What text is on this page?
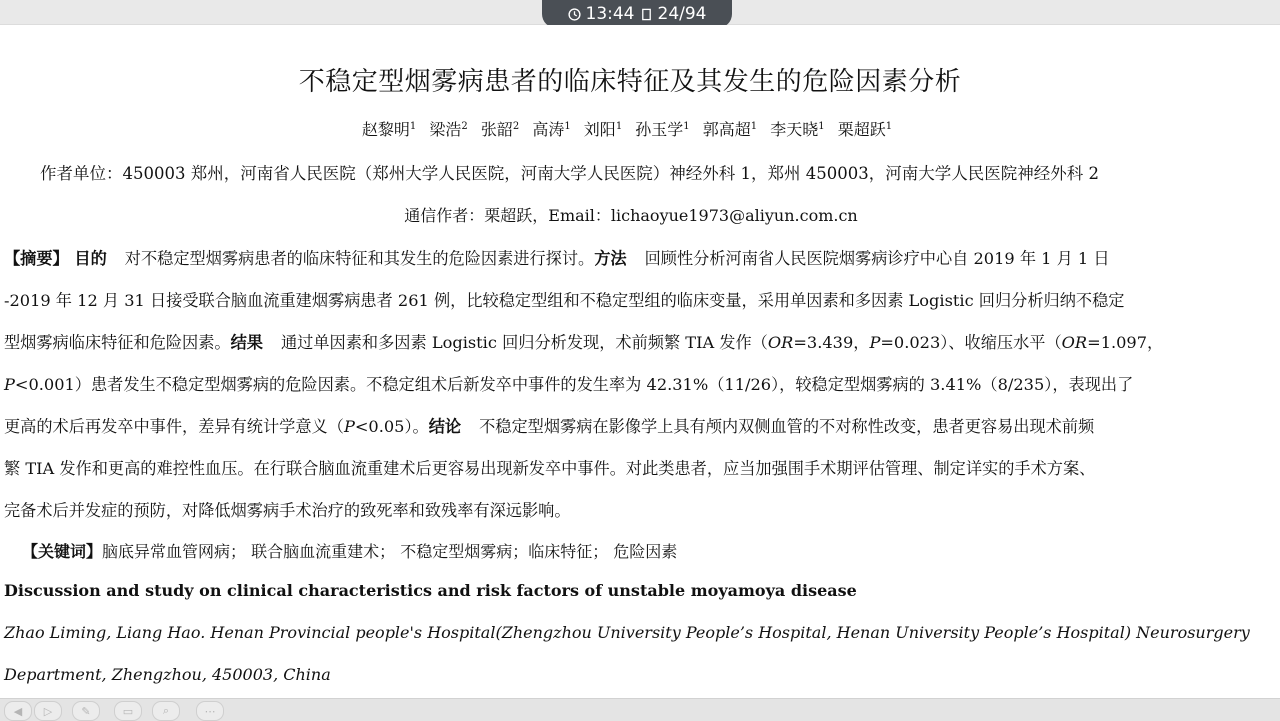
13:44 24/94
不稳定型烟雾病患者的临床特征及其发生的危险因素分析
赵黎明$^1$ 梁浩$^2$ 张韶$^2$ 高涛$^1$ 刘阳$^1$ 孙玉学$^1$ 郭高超$^1$ 李天晓$^1$ 栗超跃$^1$
作者单位：450003 郑州，河南省人民医院（郑州大学人民医院，河南大学人民医院）神经外科 1，郑州 450003，河南大学人民医院神经外科 2
通信作者：栗超跃，Email：lichaoyue1973@aliyun.com.cn
【摘要】 目的 对不稳定型烟雾病患者的临床特征和其发生的危险因素进行探讨。方法 回顾性分析河南省人民医院烟雾病诊疗中心自 2019 年 1 月 1 日
-2019 年 12 月 31 日接受联合脑血流重建烟雾病患者 261 例，比较稳定型组和不稳定型组的临床变量，采用单因素和多因素 Logistic 回归分析归纳不稳定
型烟雾病临床特征和危险因素。结果 通过单因素和多因素 Logistic 回归分析发现，术前频繁 TIA 发作（OR=3.439，P=0.023）、收缩压水平（OR=1.097，
P<0.001）患者发生不稳定型烟雾病的危险因素。不稳定组术后新发卒中事件的发生率为 42.31%（11/26），较稳定型烟雾病的 3.41%（8/235），表现出了
更高的术后再发卒中事件，差异有统计学意义（P<0.05）。结论 不稳定型烟雾病在影像学上具有颅内双侧血管的不对称性改变，患者更容易出现术前频
繁 TIA 发作和更高的难控性血压。在行联合脑血流重建术后更容易出现新发卒中事件。对此类患者，应当加强围手术期评估管理、制定详实的手术方案、
完备术后并发症的预防，对降低烟雾病手术治疗的致死率和致残率有深远影响。
【关键词】脑底异常血管网病； 联合脑血流重建术； 不稳定型烟雾病；临床特征； 危险因素
Discussion and study on clinical characteristics and risk factors of unstable moyamoya disease
Zhao Liming, Liang Hao. Henan Provincial people's Hospital(Zhengzhou University People’s Hospital, Henan University People’s Hospital) Neurosurgery
Department, Zhengzhou, 450003, China
◀	▷	✎	▭	⌕	⋯
